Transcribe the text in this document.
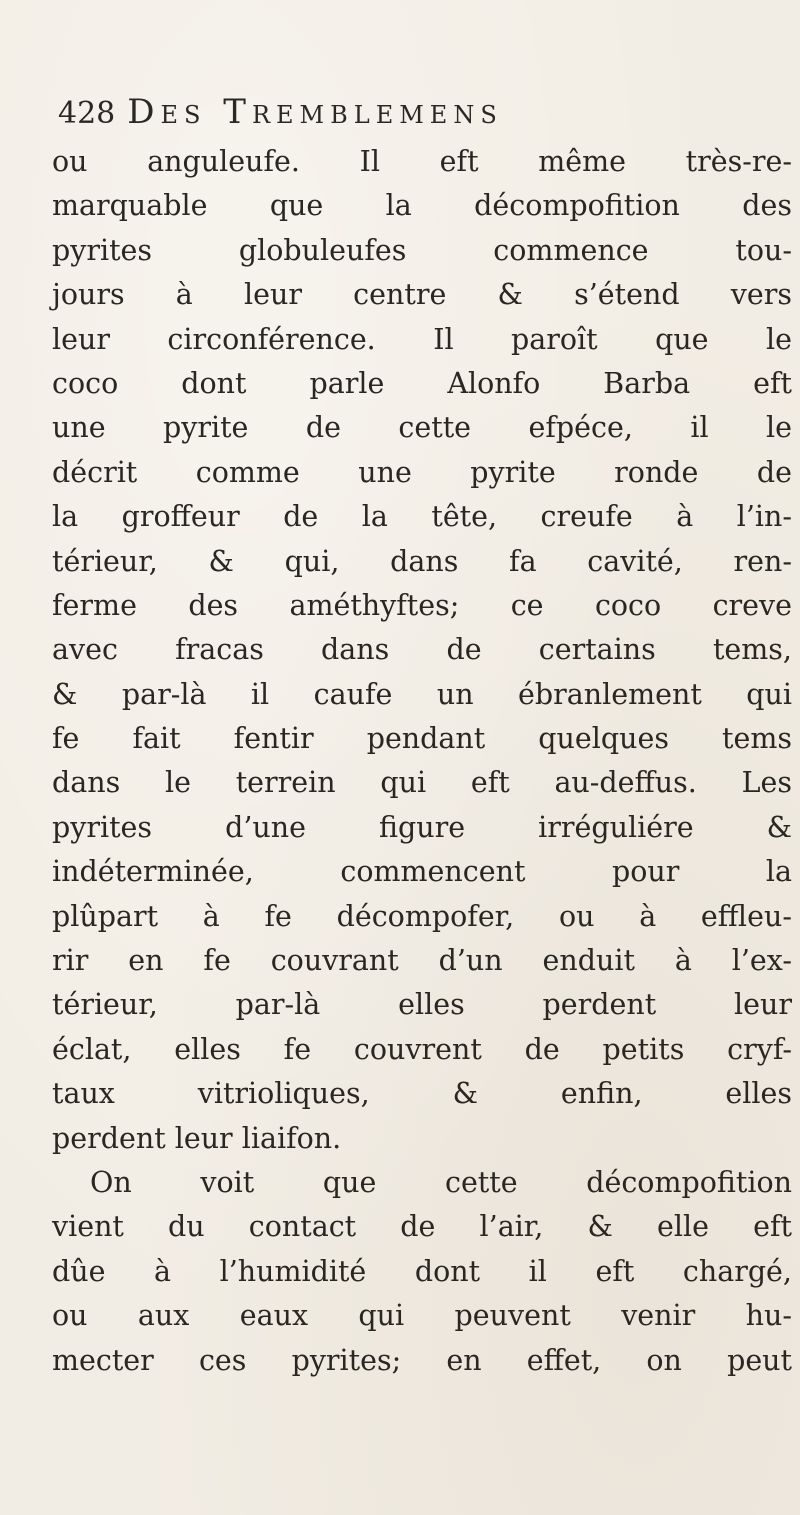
428 Des Tremblemens
ou anguleufe. Il eft même très-re-
marquable que la décompofition des
pyrites globuleufes commence tou-
jours à leur centre & s’étend vers
leur circonférence. Il paroît que le
coco dont parle Alonfo Barba eft
une pyrite de cette efpéce, il le
décrit comme une pyrite ronde de
la groffeur de la tête, creufe à l’in-
térieur, & qui, dans fa cavité, ren-
ferme des améthyftes; ce coco creve
avec fracas dans de certains tems,
& par-là il caufe un ébranlement qui
fe fait fentir pendant quelques tems
dans le terrein qui eft au-deffus. Les
pyrites d’une figure irréguliére &
indéterminée, commencent pour la
plûpart à fe décompofer, ou à effleu-
rir en fe couvrant d’un enduit à l’ex-
térieur, par-là elles perdent leur
éclat, elles fe couvrent de petits cryf-
taux vitrioliques, & enfin, elles
perdent leur liaifon.
On voit que cette décompofition
vient du contact de l’air, & elle eft
dûe à l’humidité dont il eft chargé,
ou aux eaux qui peuvent venir hu-
mecter ces pyrites; en effet, on peut
